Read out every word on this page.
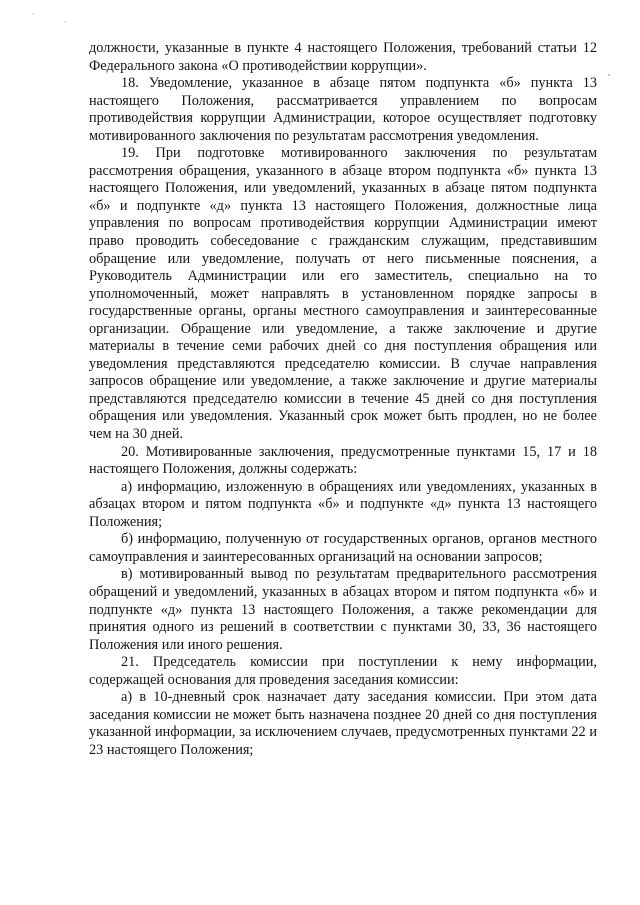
'
'

должности, указанные в пункте 4 настоящего Положения, требований статьи 12 Федерального закона «О противодействии коррупции».

18. Уведомление, указанное в абзаце пятом подпункта «б» пункта 13 настоящего Положения, рассматривается управлением по вопросам противодействия коррупции Администрации, которое осуществляет подготовку мотивированного заключения по результатам рассмотрения уведомления.

19. При подготовке мотивированного заключения по результатам рассмотрения обращения, указанного в абзаце втором подпункта «б» пункта 13 настоящего Положения, или уведомлений, указанных в абзаце пятом подпункта «б» и подпункте «д» пункта 13 настоящего Положения, должностные лица управления по вопросам противодействия коррупции Администрации имеют право проводить собеседование с гражданским служащим, представившим обращение или уведомление, получать от него письменные пояснения, а Руководитель Администрации или его заместитель, специально на то уполномоченный, может направлять в установленном порядке запросы в государственные органы, органы местного самоуправления и заинтересованные организации. Обращение или уведомление, а также заключение и другие материалы в течение семи рабочих дней со дня поступления обращения или уведомления представляются председателю комиссии. В случае направления запросов обращение или уведомление, а также заключение и другие материалы представляются председателю комиссии в течение 45 дней со дня поступления обращения или уведомления. Указанный срок может быть продлен, но не более чем на 30 дней.

20. Мотивированные заключения, предусмотренные пунктами 15, 17 и 18 настоящего Положения, должны содержать:

а) информацию, изложенную в обращениях или уведомлениях, указанных в абзацах втором и пятом подпункта «б» и подпункте «д» пункта 13 настоящего Положения;

б) информацию, полученную от государственных органов, органов местного самоуправления и заинтересованных организаций на основании запросов;

в) мотивированный вывод по результатам предварительного рассмотрения обращений и уведомлений, указанных в абзацах втором и пятом подпункта «б» и подпункте «д» пункта 13 настоящего Положения, а также рекомендации для принятия одного из решений в соответствии с пунктами 30, 33, 36 настоящего Положения или иного решения.

21. Председатель комиссии при поступлении к нему информации, содержащей основания для проведения заседания комиссии:

а) в 10-дневный срок назначает дату заседания комиссии. При этом дата заседания комиссии не может быть назначена позднее 20 дней со дня поступления указанной информации, за исключением случаев, предусмотренных пунктами 22 и 23 настоящего Положения;
